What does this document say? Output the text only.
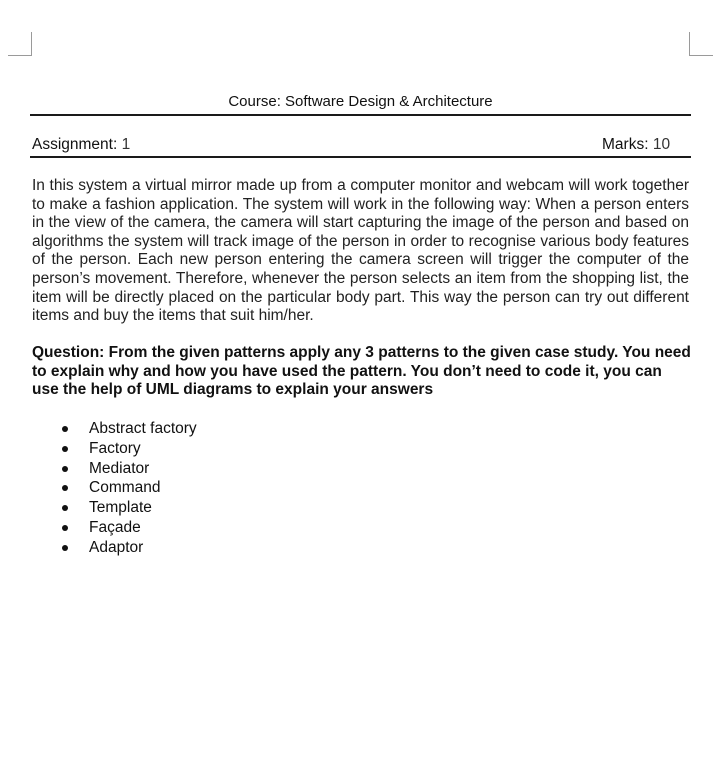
Course: Software Design & Architecture
Assignment: 1	Marks: 10

In this system a virtual mirror made up from a computer monitor and webcam will work together to make a fashion application. The system will work in the following way: When a person enters in the view of the camera, the camera will start capturing the image of the person and based on algorithms the system will track image of the person in order to recognise various body features of the person. Each new person entering the camera screen will trigger the computer of the person’s movement. Therefore, whenever the person selects an item from the shopping list, the item will be directly placed on the particular body part. This way the person can try out different items and buy the items that suit him/her.

Question: From the given patterns apply any 3 patterns to the given case study. You need to explain why and how you have used the pattern. You don’t need to code it, you can use the help of UML diagrams to explain your answers

Abstract factory
Factory
Mediator
Command
Template
Façade
Adaptor
